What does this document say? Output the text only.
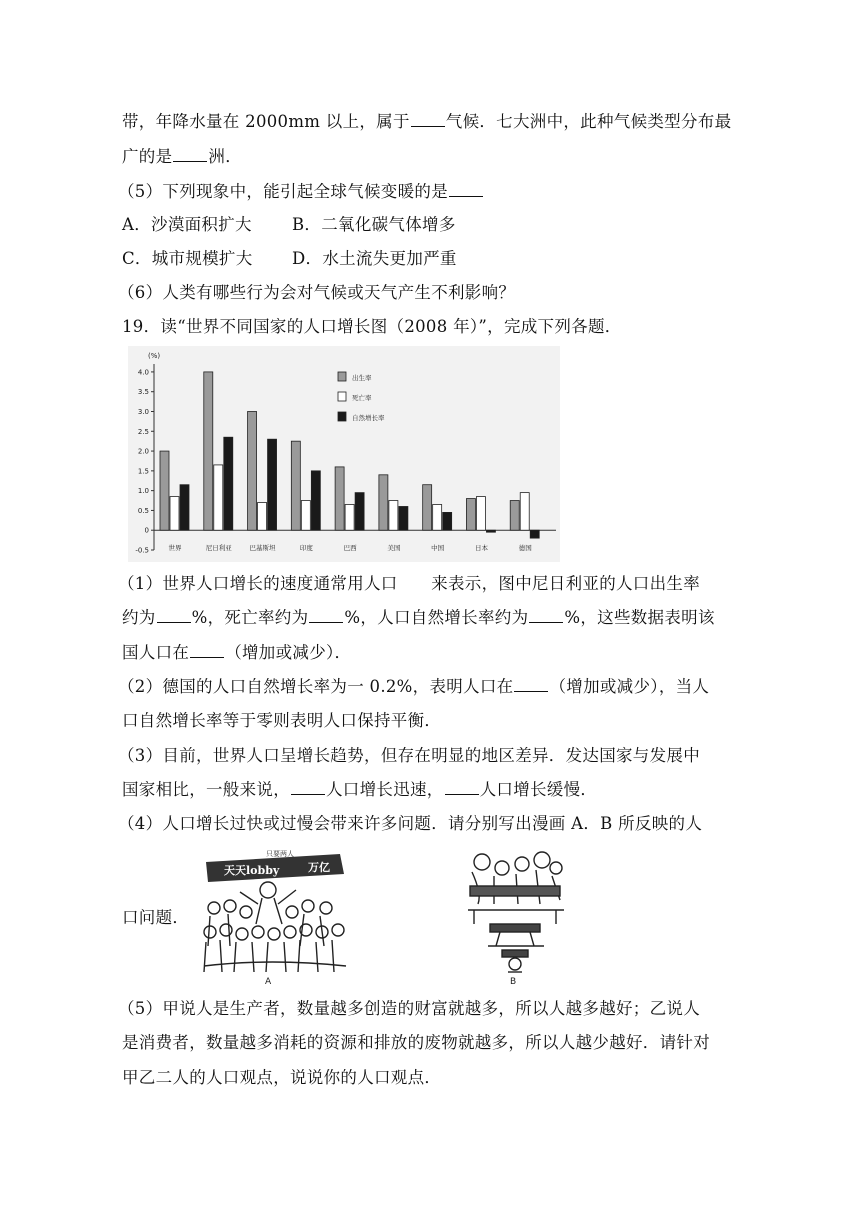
带，年降水量在 2000mm 以上，属于 气候．七大洲中，此种气候类型分布最
广的是 洲．
（5）下列现象中，能引起全球气候变暖的是
A．沙漠面积扩大 B．二氧化碳气体增多
C．城市规模扩大 D．水土流失更加严重
（6）人类有哪些行为会对气候或天气产生不利影响？
19．读“世界不同国家的人口增长图（2008 年）”，完成下列各题．
(%)
-0.5
0
0.5
1.0
1.5
2.0
2.5
3.0
3.5
4.0
世界	尼日利亚	巴基斯坦	印度	巴西	美国	中国	日本	德国
出生率
死亡率
自然增长率
（1）世界人口增长的速度通常用人口　　来表示，图中尼日利亚的人口出生率
约为 %，死亡率约为 %，人口自然增长率约为 %，这些数据表明该
国人口在 （增加或减少）．
（2）德国的人口自然增长率为一 0.2%，表明人口在 （增加或减少），当人
口自然增长率等于零则表明人口保持平衡．
（3）目前，世界人口呈增长趋势，但存在明显的地区差异．发达国家与发展中
国家相比，一般来说， 人口增长迅速， 人口增长缓慢．
（4）人口增长过快或过慢会带来许多问题．请分别写出漫画 A．B 所反映的人
天天lobby	万亿
只要两人
A	B
口问题．
（5）甲说人是生产者，数量越多创造的财富就越多，所以人越多越好；乙说人
是消费者，数量越多消耗的资源和排放的废物就越多，所以人越少越好．请针对
甲乙二人的人口观点，说说你的人口观点．
